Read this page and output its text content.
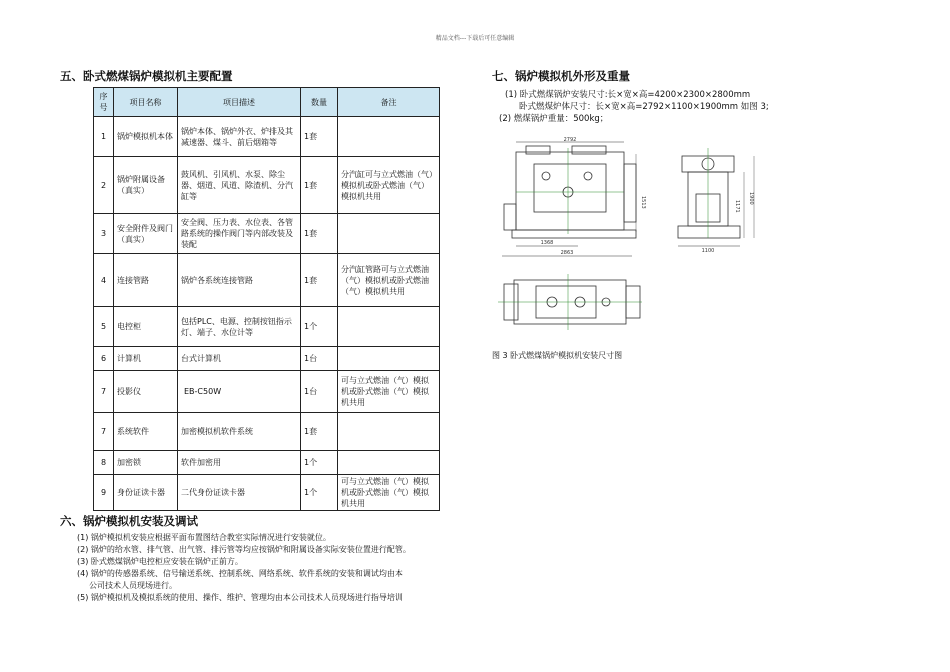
精品文档---下载后可任意编辑
五、卧式燃煤锅炉模拟机主要配置
序号	项目名称	项目描述	数量	备注
1	锅炉模拟机本体	锅炉本体、锅炉外衣、炉排及其减速器、煤斗、前后烟箱等	1套	
2	锅炉附属设备（真实）	鼓风机、引风机、水泵、除尘器、烟道、风道、除渣机、分汽缸等	1套	分汽缸可与立式燃油（气）模拟机或卧式燃油（气）模拟机共用
3	安全附件及阀门（真实）	安全阀、压力表、水位表、各管路系统的操作阀门等内部改装及装配	1套	
4	连接管路	锅炉各系统连接管路	1套	分汽缸管路可与立式燃油（气）模拟机或卧式燃油（气）模拟机共用
5	电控柜	包括PLC、电源、控制按钮指示灯、端子、水位计等	1个	
6	计算机	台式计算机	1台	
7	投影仪	EB-C50W	1台	可与立式燃油（气）模拟机或卧式燃油（气）模拟机共用
7	系统软件	加密模拟机软件系统	1套	
8	加密锁	软件加密用	1个	
9	身份证读卡器	二代身份证读卡器	1个	可与立式燃油（气）模拟机或卧式燃油（气）模拟机共用
六、锅炉模拟机安装及调试
(1) 锅炉模拟机安装应根据平面布置图结合教室实际情况进行安装就位。
(2) 锅炉的给水管、排气管、出气管、排污管等均应按锅炉和附属设备实际安装位置进行配管。
(3) 卧式燃煤锅炉电控柜应安装在锅炉正前方。
(4) 锅炉的传感器系统、信号输送系统、控制系统、网络系统、软件系统的安装和调试均由本
公司技术人员现场进行。
(5) 锅炉模拟机及模拟系统的使用、操作、维护、管理均由本公司技术人员现场进行指导培训
七、锅炉模拟机外形及重量
(1) 卧式燃煤锅炉安装尺寸:长×宽×高=4200×2300×2800mm
卧式燃煤炉体尺寸：长×宽×高=2792×1100×1900mm 如图 3;
(2) 燃煤锅炉重量：500kg；
2792
1513
1368
2863
1171
1900
1100
图 3 卧式燃煤锅炉模拟机安装尺寸图
